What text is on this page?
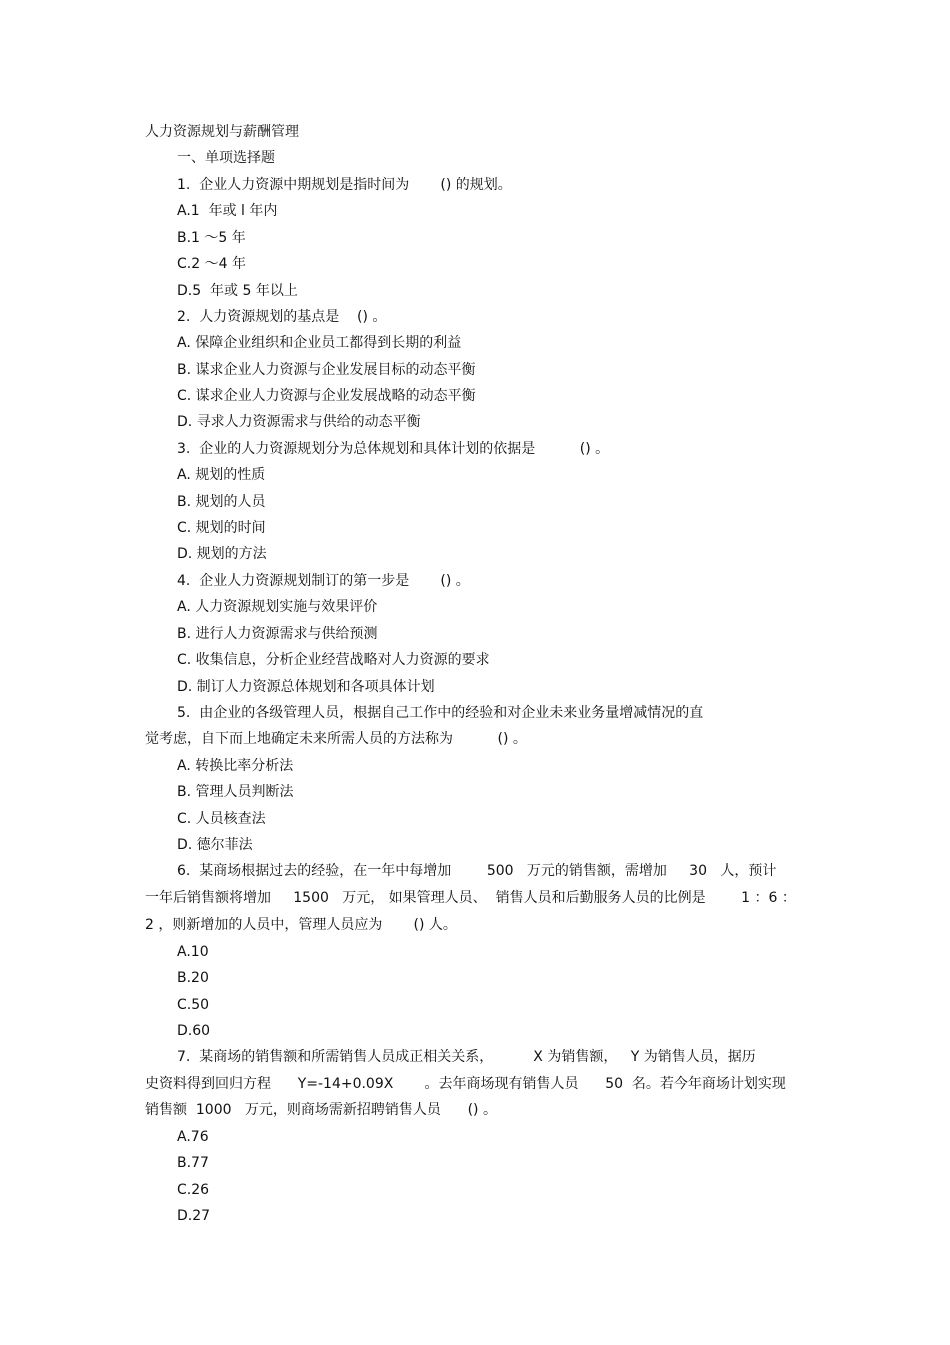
人力资源规划与薪酬管理
一、单项选择题
1.  企业人力资源中期规划是指时间为       () 的规划。
A.1  年或 l 年内
B.1 ～5 年
C.2 ～4 年
D.5  年或 5 年以上
2.  人力资源规划的基点是    () 。
A. 保障企业组织和企业员工都得到长期的利益
B. 谋求企业人力资源与企业发展目标的动态平衡
C. 谋求企业人力资源与企业发展战略的动态平衡
D. 寻求人力资源需求与供给的动态平衡
3.  企业的人力资源规划分为总体规划和具体计划的依据是          () 。
A. 规划的性质
B. 规划的人员
C. 规划的时间
D. 规划的方法
4.  企业人力资源规划制订的第一步是       () 。
A. 人力资源规划实施与效果评价
B. 进行人力资源需求与供给预测
C. 收集信息，分析企业经营战略对人力资源的要求
D. 制订人力资源总体规划和各项具体计划
5.  由企业的各级管理人员，根据自己工作中的经验和对企业未来业务量增减情况的直
觉考虑，自下而上地确定未来所需人员的方法称为          () 。
A. 转换比率分析法
B. 管理人员判断法
C. 人员核查法
D. 德尔菲法
6.  某商场根据过去的经验，在一年中每增加        500   万元的销售额，需增加     30   人，预计
一年后销售额将增加     1500   万元， 如果管理人员、  销售人员和后勤服务人员的比例是        1 ：6 ：
2 ，则新增加的人员中，管理人员应为       () 人。
A.10
B.20
C.50
D.60
7.  某商场的销售额和所需销售人员成正相关关系，         X 为销售额，   Y 为销售人员，据历
史资料得到回归方程      Y=-14+0.09X       。去年商场现有销售人员      50  名。若今年商场计划实现
销售额  1000   万元，则商场需新招聘销售人员      () 。
A.76
B.77
C.26
D.27
